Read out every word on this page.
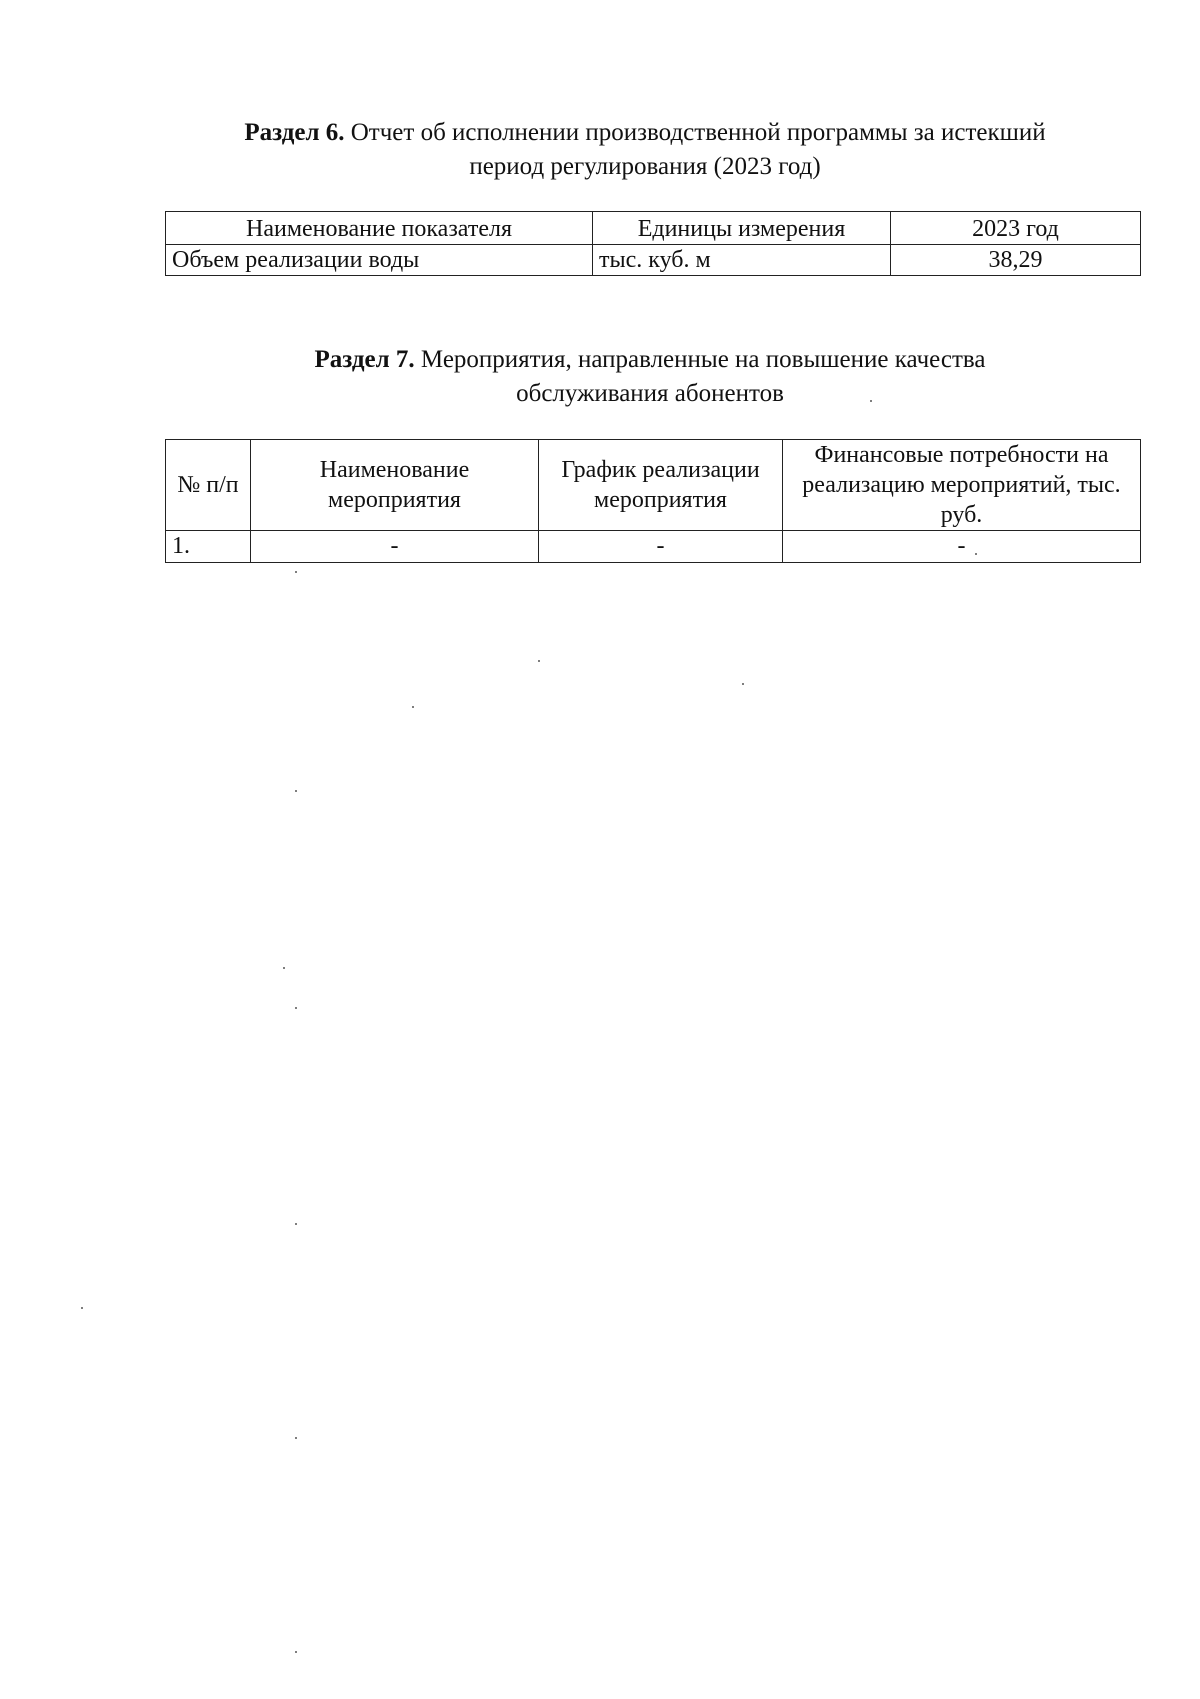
Раздел 6. Отчет об исполнении производственной программы за истекший
период регулирования (2023 год)
Наименование показателя	Единицы измерения	2023 год
Объем реализации воды	тыс. куб. м	38,29
Раздел 7. Мероприятия, направленные на повышение качества
обслуживания абонентов
№ п/п	Наименование мероприятия	График реализации мероприятия	Финансовые потребности на реализацию мероприятий, тыс. руб.
1.	-	-	-
